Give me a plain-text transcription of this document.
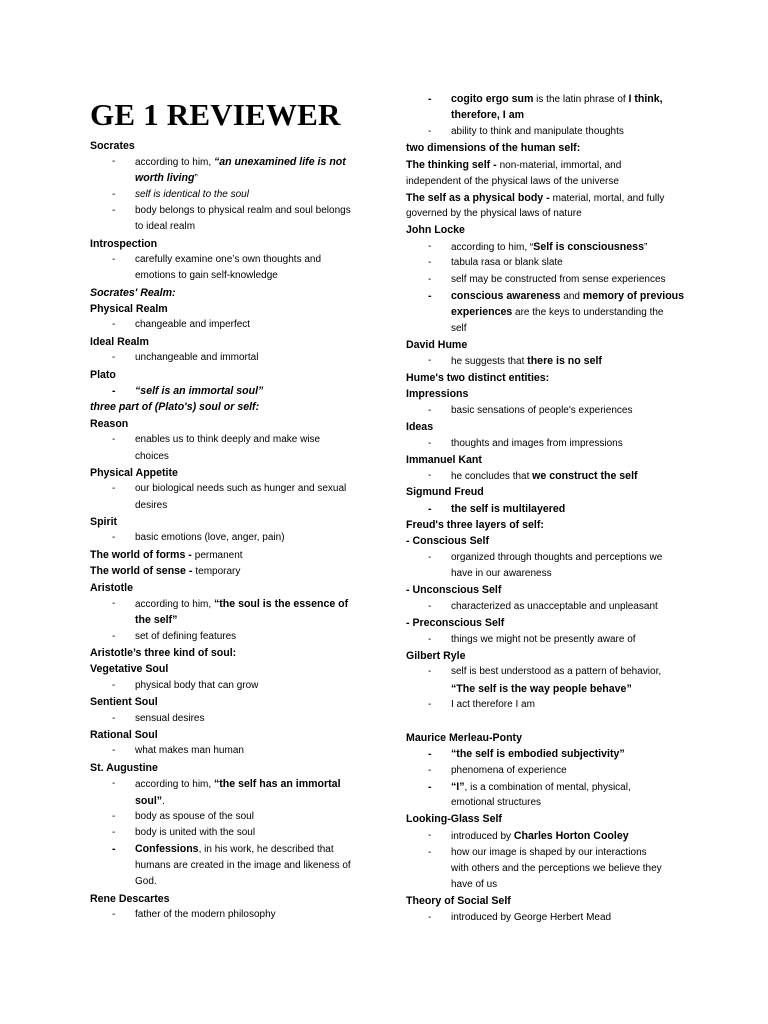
GE 1 REVIEWER
Socrates
- according to him, “an unexamined life is not
worth living”
- self is identical to the soul
- body belongs to physical realm and soul belongs
to ideal realm
Introspection
- carefully examine one’s own thoughts and
emotions to gain self-knowledge
Socrates' Realm:
Physical Realm
- changeable and imperfect
Ideal Realm
- unchangeable and immortal
Plato
- “self is an immortal soul”
three part of (Plato's) soul or self:
Reason
- enables us to think deeply and make wise
choices
Physical Appetite
- our biological needs such as hunger and sexual
desires
Spirit
- basic emotions (love, anger, pain)
The world of forms - permanent
The world of sense - temporary
Aristotle
- according to him, “the soul is the essence of
the self”
- set of defining features
Aristotle’s three kind of soul:
Vegetative Soul
- physical body that can grow
Sentient Soul
- sensual desires
Rational Soul
- what makes man human
St. Augustine
- according to him, “the self has an immortal
soul”.
- body as spouse of the soul
- body is united with the soul
- Confessions, in his work, he described that
humans are created in the image and likeness of
God.
Rene Descartes
- father of the modern philosophy
- cogito ergo sum is the latin phrase of I think,
therefore, I am
- ability to think and manipulate thoughts
two dimensions of the human self:
The thinking self - non-material, immortal, and
independent of the physical laws of the universe
The self as a physical body - material, mortal, and fully
governed by the physical laws of nature
John Locke
- according to him, “Self is consciousness”
- tabula rasa or blank slate
- self may be constructed from sense experiences
- conscious awareness and memory of previous
experiences are the keys to understanding the
self
David Hume
- he suggests that there is no self
Hume's two distinct entities:
Impressions
- basic sensations of people's experiences
Ideas
- thoughts and images from impressions
Immanuel Kant
- he concludes that we construct the self
Sigmund Freud
- the self is multilayered
Freud's three layers of self:
- Conscious Self
- organized through thoughts and perceptions we
have in our awareness
- Unconscious Self
- characterized as unacceptable and unpleasant
- Preconscious Self
- things we might not be presently aware of
Gilbert Ryle
- self is best understood as a pattern of behavior,
“The self is the way people behave”
- I act therefore I am
Maurice Merleau-Ponty
- “the self is embodied subjectivity”
- phenomena of experience
- “I”, is a combination of mental, physical,
emotional structures
Looking-Glass Self
- introduced by Charles Horton Cooley
- how our image is shaped by our interactions
with others and the perceptions we believe they
have of us
Theory of Social Self
- introduced by George Herbert Mead
